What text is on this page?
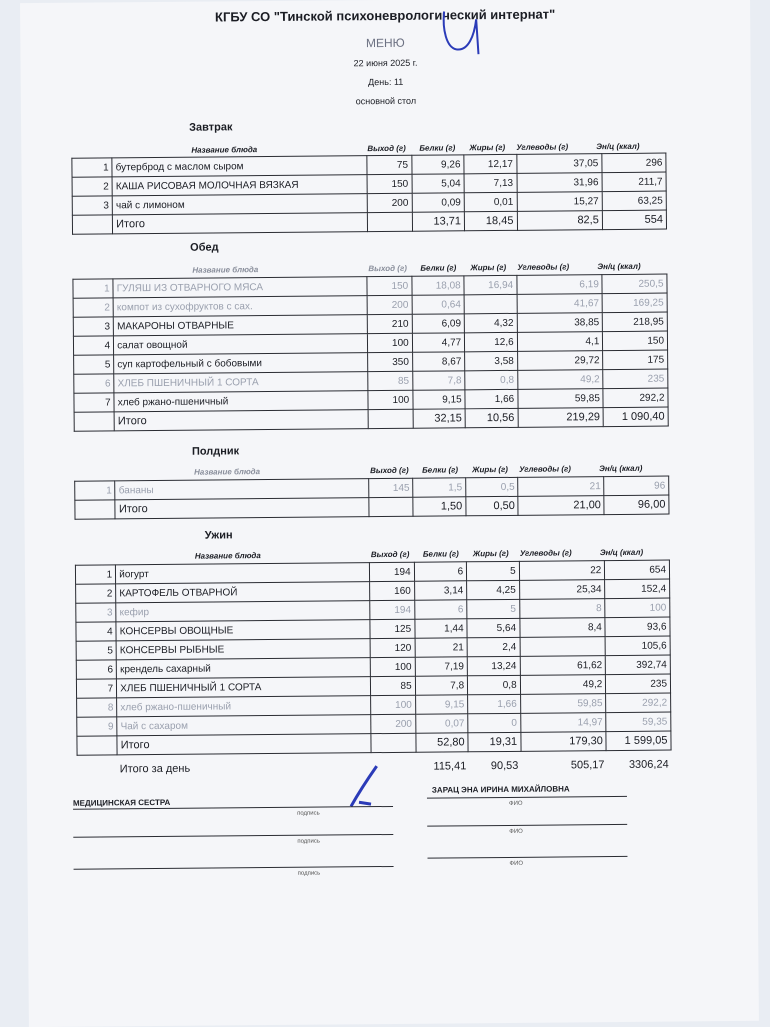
КГБУ СО "Тинской психоневрологический интернат"
МЕНЮ
22 июня 2025 г.
День: 11
основной стол
Завтрак
Название блюда	Выход (г) Белки (г) Жиры (г) Углеводы (г)	Эн/ц (ккал)
1	бутерброд с маслом сыром	75	9,26	12,17	37,05	296
2	КАША РИСОВАЯ МОЛОЧНАЯ ВЯЗКАЯ	150	5,04	7,13	31,96	211,7
3	чай с лимоном	200	0,09	0,01	15,27	63,25
	Итого		13,71	18,45	82,5	554
Обед
Название блюда	Выход (г) Белки (г) Жиры (г) Углеводы (г)	Эн/ц (ккал)
1	ГУЛЯШ ИЗ ОТВАРНОГО МЯСА	150	18,08	16,94	6,19	250,5
2	компот из сухофруктов с сах.	200	0,64		41,67	169,25
3	МАКАРОНЫ ОТВАРНЫЕ	210	6,09	4,32	38,85	218,95
4	салат овощной	100	4,77	12,6	4,1	150
5	суп картофельный с бобовыми	350	8,67	3,58	29,72	175
6	ХЛЕБ ПШЕНИЧНЫЙ 1 СОРТА	85	7,8	0,8	49,2	235
7	хлеб ржано-пшеничный	100	9,15	1,66	59,85	292,2
	Итого		32,15	10,56	219,29	1 090,40
Полдник
Название блюда	Выход (г) Белки (г) Жиры (г) Углеводы (г)	Эн/ц (ккал)
1	бананы	145	1,5	0,5	21	96
	Итого		1,50	0,50	21,00	96,00
Ужин
Название блюда	Выход (г) Белки (г) Жиры (г) Углеводы (г)	Эн/ц (ккал)
1	йогурт	194	6	5	22	654
2	КАРТОФЕЛЬ ОТВАРНОЙ	160	3,14	4,25	25,34	152,4
3	кефир	194	6	5	8	100
4	КОНСЕРВЫ ОВОЩНЫЕ	125	1,44	5,64	8,4	93,6
5	КОНСЕРВЫ РЫБНЫЕ	120	21	2,4		105,6
6	крендель сахарный	100	7,19	13,24	61,62	392,74
7	ХЛЕБ ПШЕНИЧНЫЙ 1 СОРТА	85	7,8	0,8	49,2	235
8	хлеб ржано-пшеничный	100	9,15	1,66	59,85	292,2
9	Чай с сахаром	200	0,07	0	14,97	59,35
	Итого		52,80	19,31	179,30	1 599,05
	Итого за день		115,41	90,53	505,17	3306,24
МЕДИЦИНСКАЯ СЕСТРА
ЗАРАЦ ЭНА ИРИНА МИХАЙЛОВНА
подпись
ФИО
подпись
ФИО
подпись
ФИО
